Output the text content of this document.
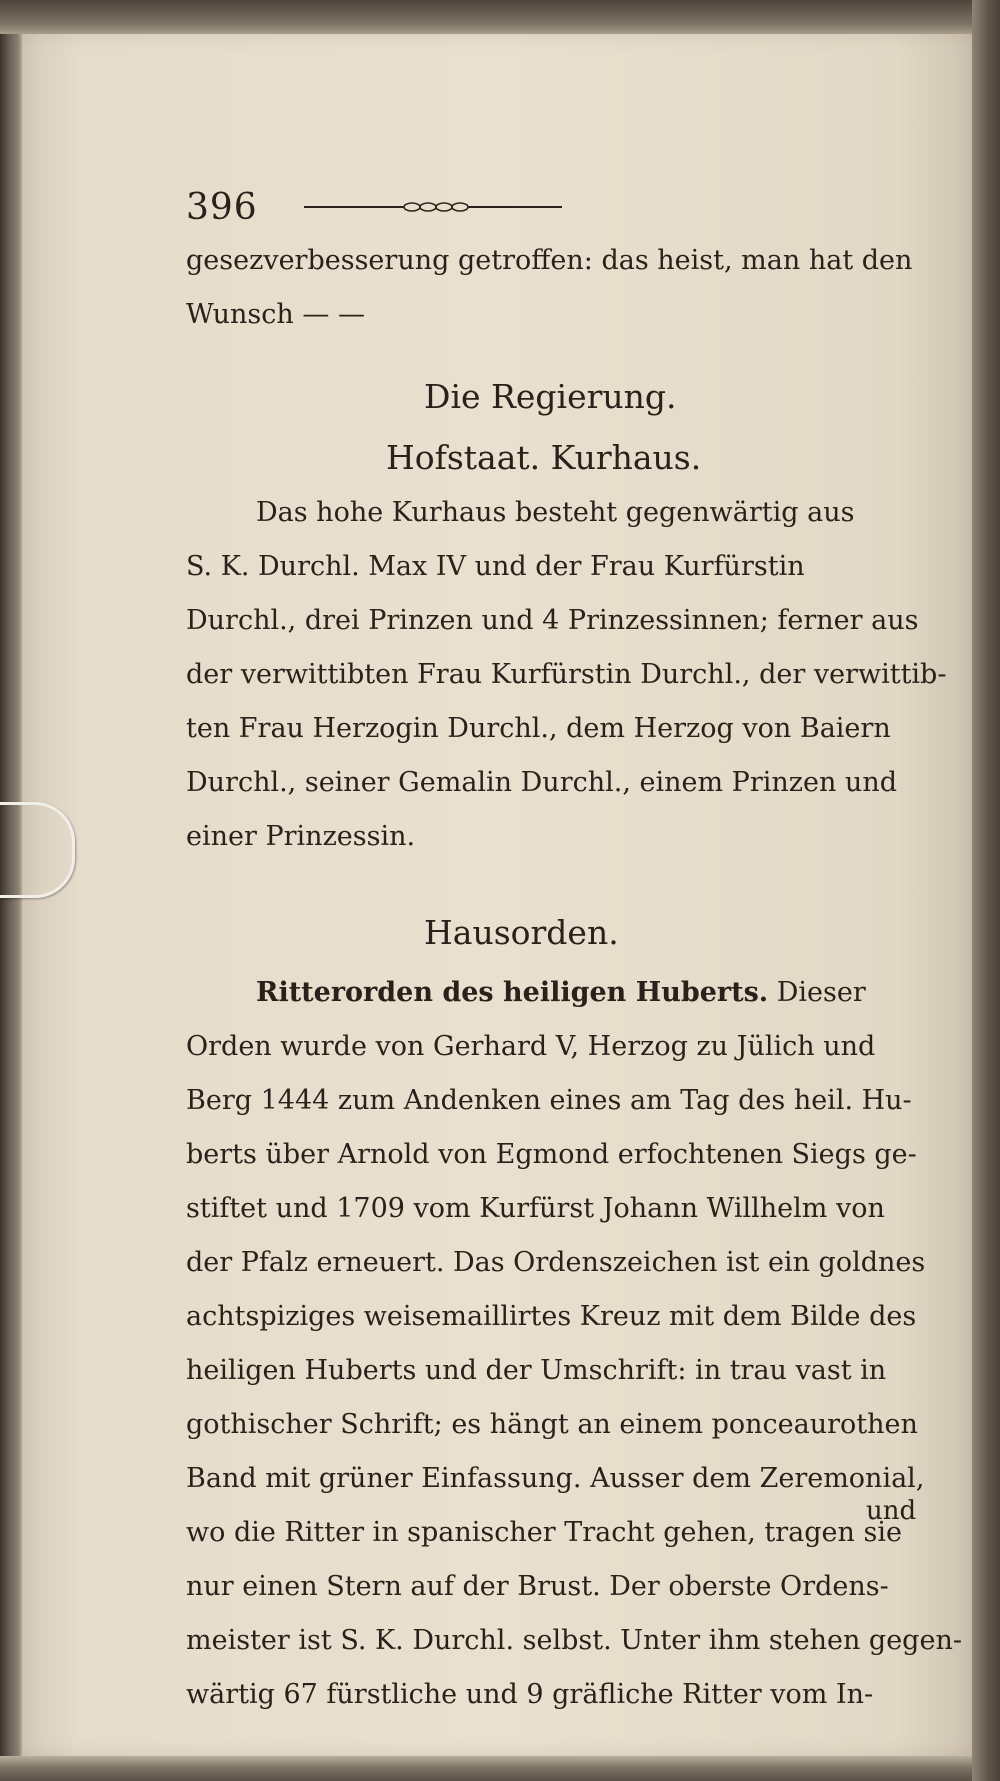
396
gesezverbesserung getroffen: das heist, man hat den
Wunsch — —
Die Regierung.
Hofstaat. Kurhaus.
Das hohe Kurhaus besteht gegenwärtig aus
S. K. Durchl. Max IV und der Frau Kurfürstin
Durchl., drei Prinzen und 4 Prinzessinnen; ferner aus
der verwittibten Frau Kurfürstin Durchl., der verwittib-
ten Frau Herzogin Durchl., dem Herzog von Baiern
Durchl., seiner Gemalin Durchl., einem Prinzen und
einer Prinzessin.
Hausorden.
Ritterorden des heiligen Huberts. Dieser
Orden wurde von Gerhard V, Herzog zu Jülich und
Berg 1444 zum Andenken eines am Tag des heil. Hu-
berts über Arnold von Egmond erfochtenen Siegs ge-
stiftet und 1709 vom Kurfürst Johann Willhelm von
der Pfalz erneuert. Das Ordenszeichen ist ein goldnes
achtspiziges weisemaillirtes Kreuz mit dem Bilde des
heiligen Huberts und der Umschrift: in trau vast in
gothischer Schrift; es hängt an einem ponceaurothen
Band mit grüner Einfassung. Ausser dem Zeremonial,
wo die Ritter in spanischer Tracht gehen, tragen sie
nur einen Stern auf der Brust. Der oberste Ordens-
meister ist S. K. Durchl. selbst. Unter ihm stehen gegen-
wärtig 67 fürstliche und 9 gräfliche Ritter vom In-
und
